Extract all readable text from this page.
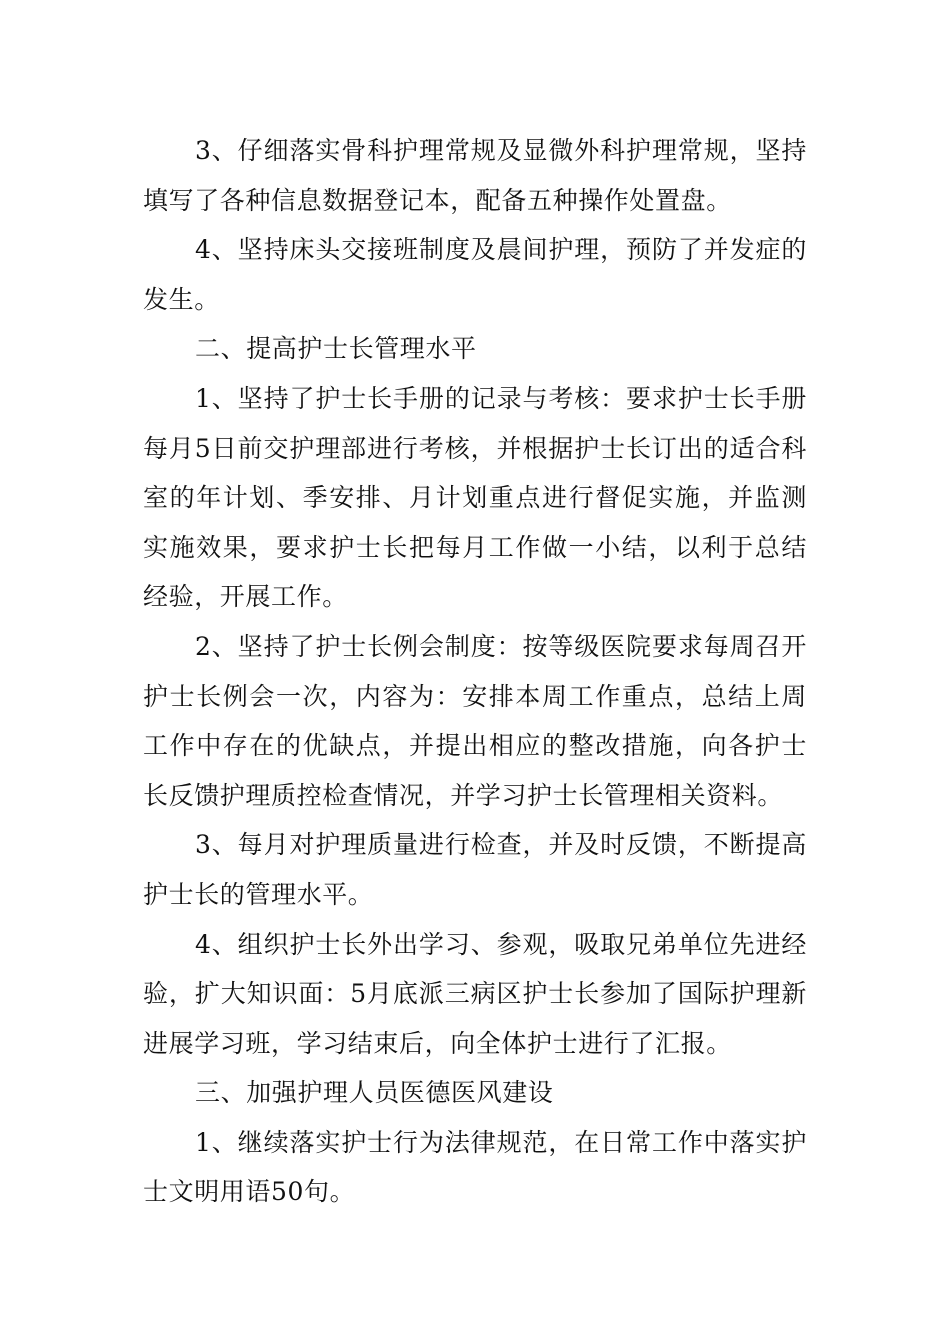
3、仔细落实骨科护理常规及显微外科护理常规，坚持填写了各种信息数据登记本，配备五种操作处置盘。

4、坚持床头交接班制度及晨间护理，预防了并发症的发生。

二、提高护士长管理水平

1、坚持了护士长手册的记录与考核：要求护士长手册每月5日前交护理部进行考核，并根据护士长订出的适合科室的年计划、季安排、月计划重点进行督促实施，并监测实施效果，要求护士长把每月工作做一小结，以利于总结经验，开展工作。

2、坚持了护士长例会制度：按等级医院要求每周召开护士长例会一次，内容为：安排本周工作重点，总结上周工作中存在的优缺点，并提出相应的整改措施，向各护士长反馈护理质控检查情况，并学习护士长管理相关资料。

3、每月对护理质量进行检查，并及时反馈，不断提高护士长的管理水平。

4、组织护士长外出学习、参观，吸取兄弟单位先进经验，扩大知识面：5月底派三病区护士长参加了国际护理新进展学习班，学习结束后，向全体护士进行了汇报。

三、加强护理人员医德医风建设

1、继续落实护士行为法律规范，在日常工作中落实护士文明用语50句。
